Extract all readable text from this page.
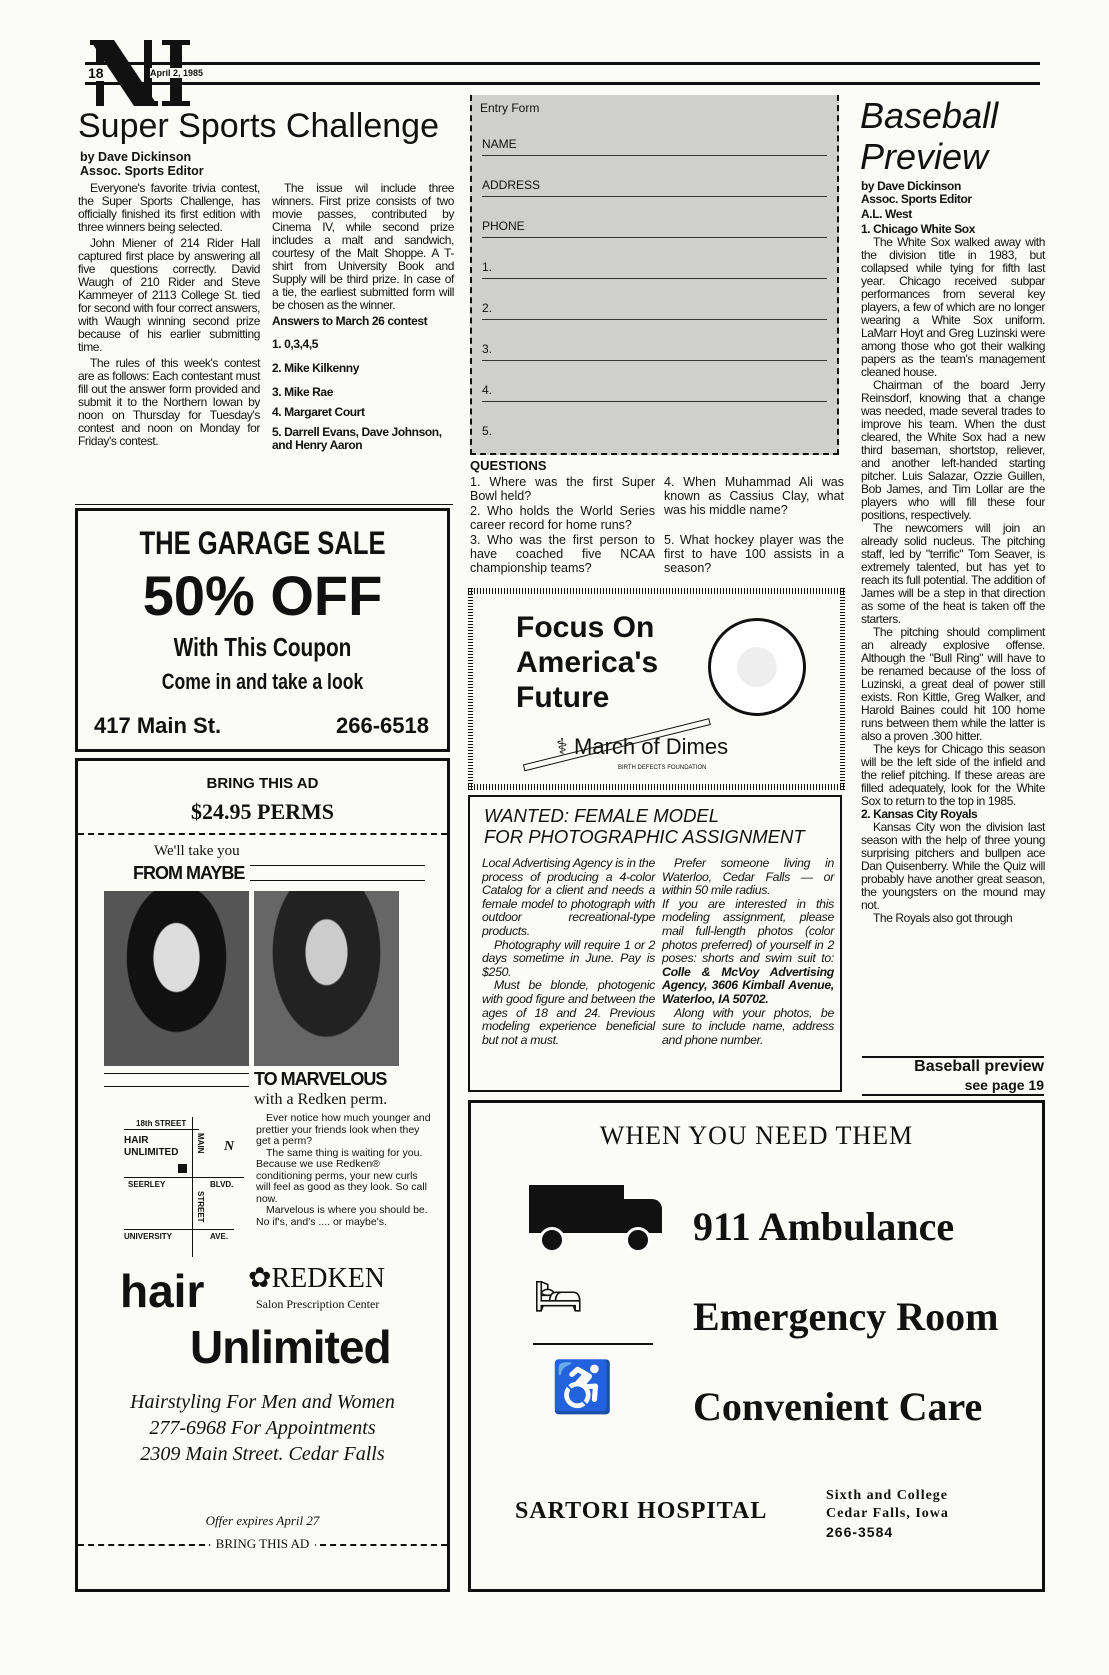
18	April 2, 1985
Super Sports Challenge
by Dave Dickinson
Assoc. Sports Editor

Everyone's favorite trivia contest, the Super Sports Challenge, has officially finished its first edition with three winners being selected.

John Miener of 214 Rider Hall captured first place by answering all five questions correctly. David Waugh of 210 Rider and Steve Kammeyer of 2113 College St. tied for second with four correct answers, with Waugh winning second prize because of his earlier submitting time.

The rules of this week's contest are as follows: Each contestant must fill out the answer form provided and submit it to the Northern Iowan by noon on Thursday for Tuesday's contest and noon on Monday for Friday's contest.

The issue wil include three winners. First prize consists of two movie passes, contributed by Cinema IV, while second prize includes a malt and sandwich, courtesy of the Malt Shoppe. A T-shirt from University Book and Supply will be third prize. In case of a tie, the earliest submitted form will be chosen as the winner.

Answers to March 26 contest
1. 0,3,4,5
2. Mike Kilkenny
3. Mike Rae
4. Margaret Court
5. Darrell Evans, Dave Johnson, and Henry Aaron
THE GARAGE SALE
50% OFF
With This Coupon
Come in and take a look
417 Main St.	266-6518
BRING THIS AD
$24.95 PERMS
We'll take you
FROM MAYBE
TO MARVELOUS
with a Redken perm.
18th STREET
HAIR UNLIMITED	MAIN N
SEERLEY	BLVD.
STREET
UNIVERSITY	AVE.
Ever notice how much younger and prettier your friends look when they get a perm?
The same thing is waiting for you. Because we use Redken® conditioning perms, your new curls will feel as good as they look. So call now.
Marvelous is where you should be. No if's, and's .... or maybe's.
hair
Unlimited
✿REDKEN
Salon Prescription Center
Hairstyling For Men and Women
277-6968 For Appointments
2309 Main Street. Cedar Falls
Offer expires April 27
BRING THIS AD
Entry Form
NAME
ADDRESS
PHONE
1.
2.
3.
4.
5.
QUESTIONS
1. Where was the first Super Bowl held?
2. Who holds the World Series career record for home runs?
3. Who was the first person to have coached five NCAA championship teams?
4. When Muhammad Ali was known as Cassius Clay, what was his middle name?
5. What hockey player was the first to have 100 assists in a season?
Focus On
America's
Future
⚕ March of Dimes
BIRTH DEFECTS FOUNDATION
WANTED: FEMALE MODEL
FOR PHOTOGRAPHIC ASSIGNMENT
Local Advertising Agency is in the process of producing a 4-color Catalog for a client and needs a female model to photograph with outdoor recreational-type products.
Photography will require 1 or 2 days sometime in June. Pay is $250.
Must be blonde, photogenic with good figure and between the ages of 18 and 24. Previous modeling experience beneficial but not a must.
Prefer someone living in Waterloo, Cedar Falls — or within 50 mile radius.
If you are interested in this modeling assignment, please mail full-length photos (color photos preferred) of yourself in 2 poses: shorts and swim suit to: Colle & McVoy Advertising Agency, 3606 Kimball Avenue, Waterloo, IA 50702.
Along with your photos, be sure to include name, address and phone number.
Baseball
Preview
by Dave Dickinson
Assoc. Sports Editor
A.L. West
1. Chicago White Sox

The White Sox walked away with the division title in 1983, but collapsed while tying for fifth last year. Chicago received subpar performances from several key players, a few of which are no longer wearing a White Sox uniform. LaMarr Hoyt and Greg Luzinski were among those who got their walking papers as the team's management cleaned house.

Chairman of the board Jerry Reinsdorf, knowing that a change was needed, made several trades to improve his team. When the dust cleared, the White Sox had a new third baseman, shortstop, reliever, and another left-handed starting pitcher. Luis Salazar, Ozzie Guillen, Bob James, and Tim Lollar are the players who will fill these four positions, respectively.

The newcomers will join an already solid nucleus. The pitching staff, led by "terrific" Tom Seaver, is extremely talented, but has yet to reach its full potential. The addition of James will be a step in that direction as some of the heat is taken off the starters.

The pitching should compliment an already explosive offense. Although the "Bull Ring" will have to be renamed because of the loss of Luzinski, a great deal of power still exists. Ron Kittle, Greg Walker, and Harold Baines could hit 100 home runs between them while the latter is also a proven .300 hitter.

The keys for Chicago this season will be the left side of the infield and the relief pitching. If these areas are filled adequately, look for the White Sox to return to the top in 1985.

2. Kansas City Royals

Kansas City won the division last season with the help of three young surprising pitchers and bullpen ace Dan Quisenberry. While the Quiz will probably have another great season, the youngsters on the mound may not.

The Royals also got through

Baseball preview
see page 19
WHEN YOU NEED THEM
911 Ambulance
🛏	Emergency Room
♿ Convenient Care
SARTORI HOSPITAL
Sixth and College
Cedar Falls, Iowa
266-3584
